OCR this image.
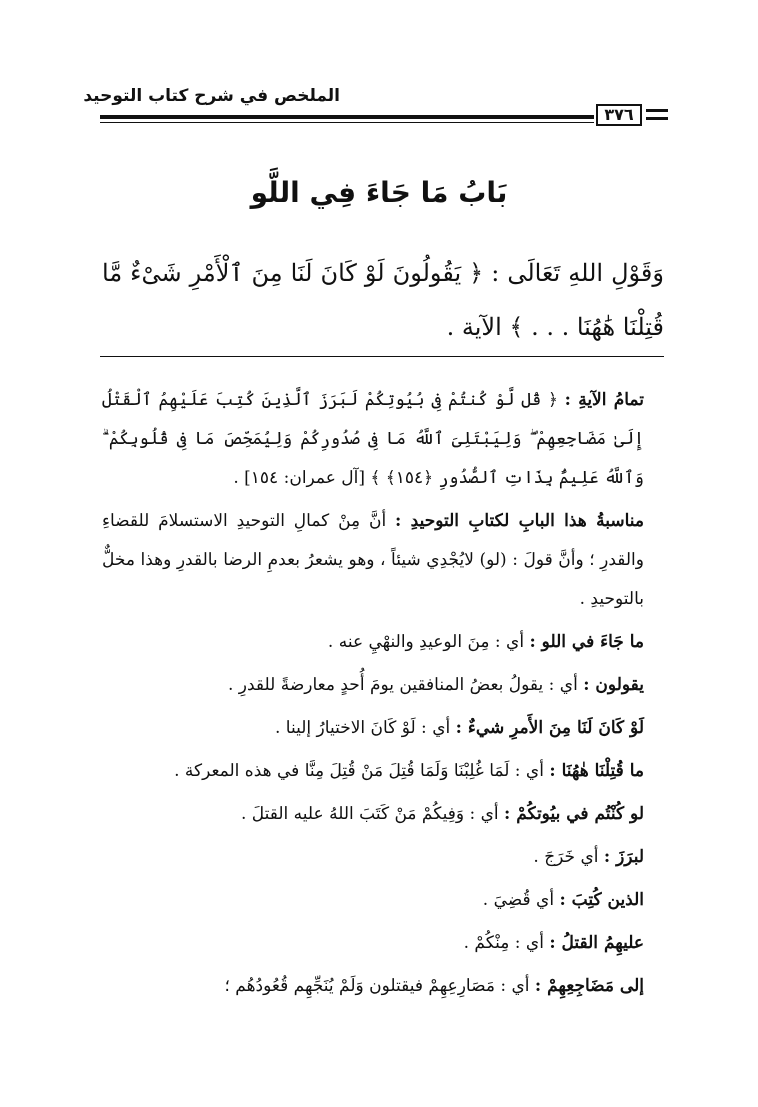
الملخص في شرح كتاب التوحيد
٣٧٦
بَابُ مَا جَاءَ فِي اللَّو
وَقَوْلِ اللهِ تَعَالَى : ﴿ يَقُولُونَ لَوْ كَانَ لَنَا مِنَ ٱلْأَمْرِ شَىْءٌ مَّا قُتِلْنَا هَٰهُنَا . . . ﴾ الآية .

تمامُ الآيةِ : ﴿ قُل لَّوْ كُنتُمْ فِى بُيُوتِكُمْ لَبَرَزَ ٱلَّذِينَ كُتِبَ عَلَيْهِمُ ٱلْقَتْلُ إِلَىٰ مَضَاجِعِهِمْ ۖ وَلِيَبْتَلِىَ ٱللَّهُ مَا فِى صُدُورِكُمْ وَلِيُمَحِّصَ مَا فِى قُلُوبِكُمْ ۗ وَٱللَّهُ عَلِيمٌۢ بِذَاتِ ٱلصُّدُورِ ﴿١٥٤﴾ ﴾ [آل عمران: ١٥٤] .

مناسبةُ هذا البابِ لكتابِ التوحيدِ : أنَّ مِنْ كمالِ التوحيدِ الاستسلامَ للقضاءِ والقدرِ ؛ وأنَّ قولَ : (لو) لايُجْدِي شيئاً ، وهو يشعرُ بعدمِ الرضا بالقدرِ وهذا مخلٌّ بالتوحيدِ .

ما جَاءَ في اللو : أي : مِنَ الوعيدِ والنهْيِ عنه .

يقولون : أي : يقولُ بعضُ المنافقين يومَ أُحدٍ معارضةً للقدرِ .

لَوْ كَانَ لَنَا مِنَ الأَمرِ شيءٌ : أي : لَوْ كَانَ الاختيارُ إلينا .

ما قُتِلْنَا هٰهُنَا : أي : لَمَا غُلِبْنَا وَلَمَا قُتِلَ مَنْ قُتِلَ مِنَّا في هذه المعركة .

لو كُنْتُم في بيُوتكُمْ : أي : وَفِيكُمْ مَنْ كَتَبَ اللهُ عليه القتلَ .

لبرَزَ : أي خَرَجَ .

الذين كُتِبَ : أي قُضِيَ .

عليهِمُ القتلُ : أي : مِنْكُمْ .

إلى مَضَاجِعِهِمْ : أي : مَصَارِعِهِمْ فيقتلون وَلَمْ يُنَجِّهِم قُعُودُهُم ؛
